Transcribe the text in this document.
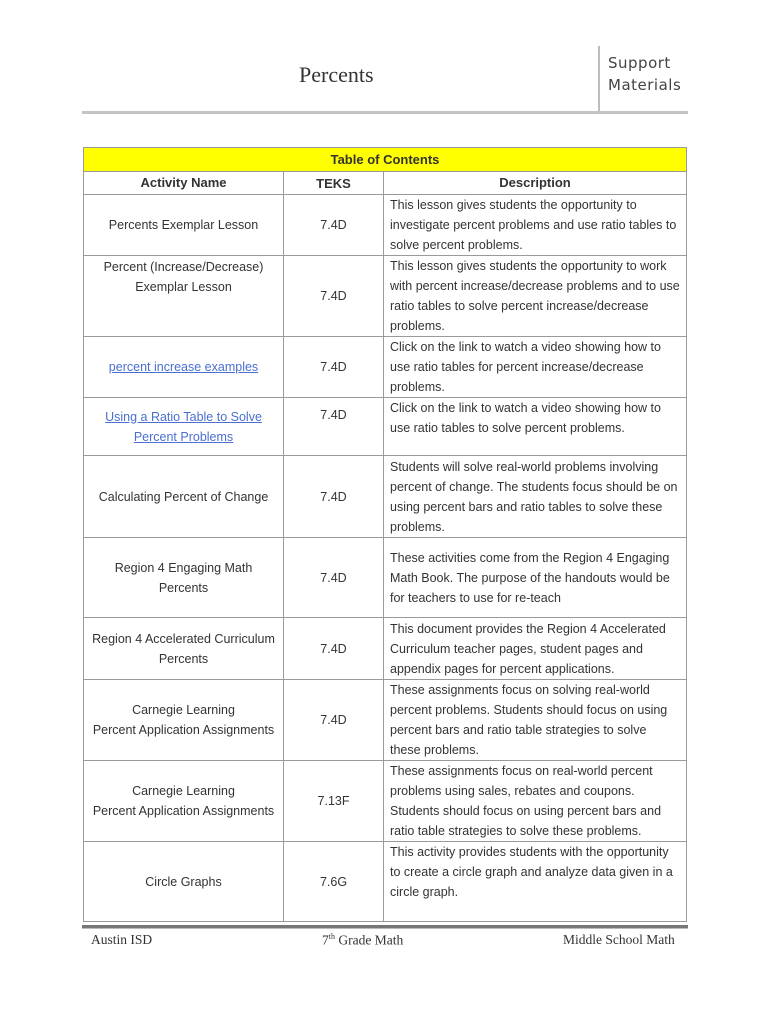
Percents	Support
Materials
Table of Contents		
Activity Name	TEKS	Description
Percents Exemplar Lesson	7.4D	This lesson gives students the opportunity to investigate percent problems and use ratio tables to solve percent problems.
Percent (Increase/Decrease) Exemplar Lesson	7.4D	This lesson gives students the opportunity to work with percent increase/decrease problems and to use ratio tables to solve percent increase/decrease problems.
percent increase examples	7.4D	Click on the link to watch a video showing how to use ratio tables for percent increase/decrease problems.
Using a Ratio Table to Solve Percent Problems	7.4D	Click on the link to watch a video showing how to use ratio tables to solve percent problems.
Calculating Percent of Change	7.4D	Students will solve real-world problems involving percent of change. The students focus should be on using percent bars and ratio tables to solve these problems.
Region 4 Engaging Math Percents	7.4D	These activities come from the Region 4 Engaging Math Book. The purpose of the handouts would be for teachers to use for re-teach
Region 4 Accelerated Curriculum Percents	7.4D	This document provides the Region 4 Accelerated Curriculum teacher pages, student pages and appendix pages for percent applications.

Carnegie Learning
Percent Application Assignments	7.4D	These assignments focus on solving real-world percent problems. Students should focus on using percent bars and ratio table strategies to solve these problems.

Carnegie Learning
Percent Application Assignments	7.13F	These assignments focus on real-world percent problems using sales, rebates and coupons. Students should focus on using percent bars and ratio table strategies to solve these problems.
Circle Graphs	7.6G	This activity provides students with the opportunity to create a circle graph and analyze data given in a circle graph.
Austin ISD	7th Grade Math	Middle School Math
